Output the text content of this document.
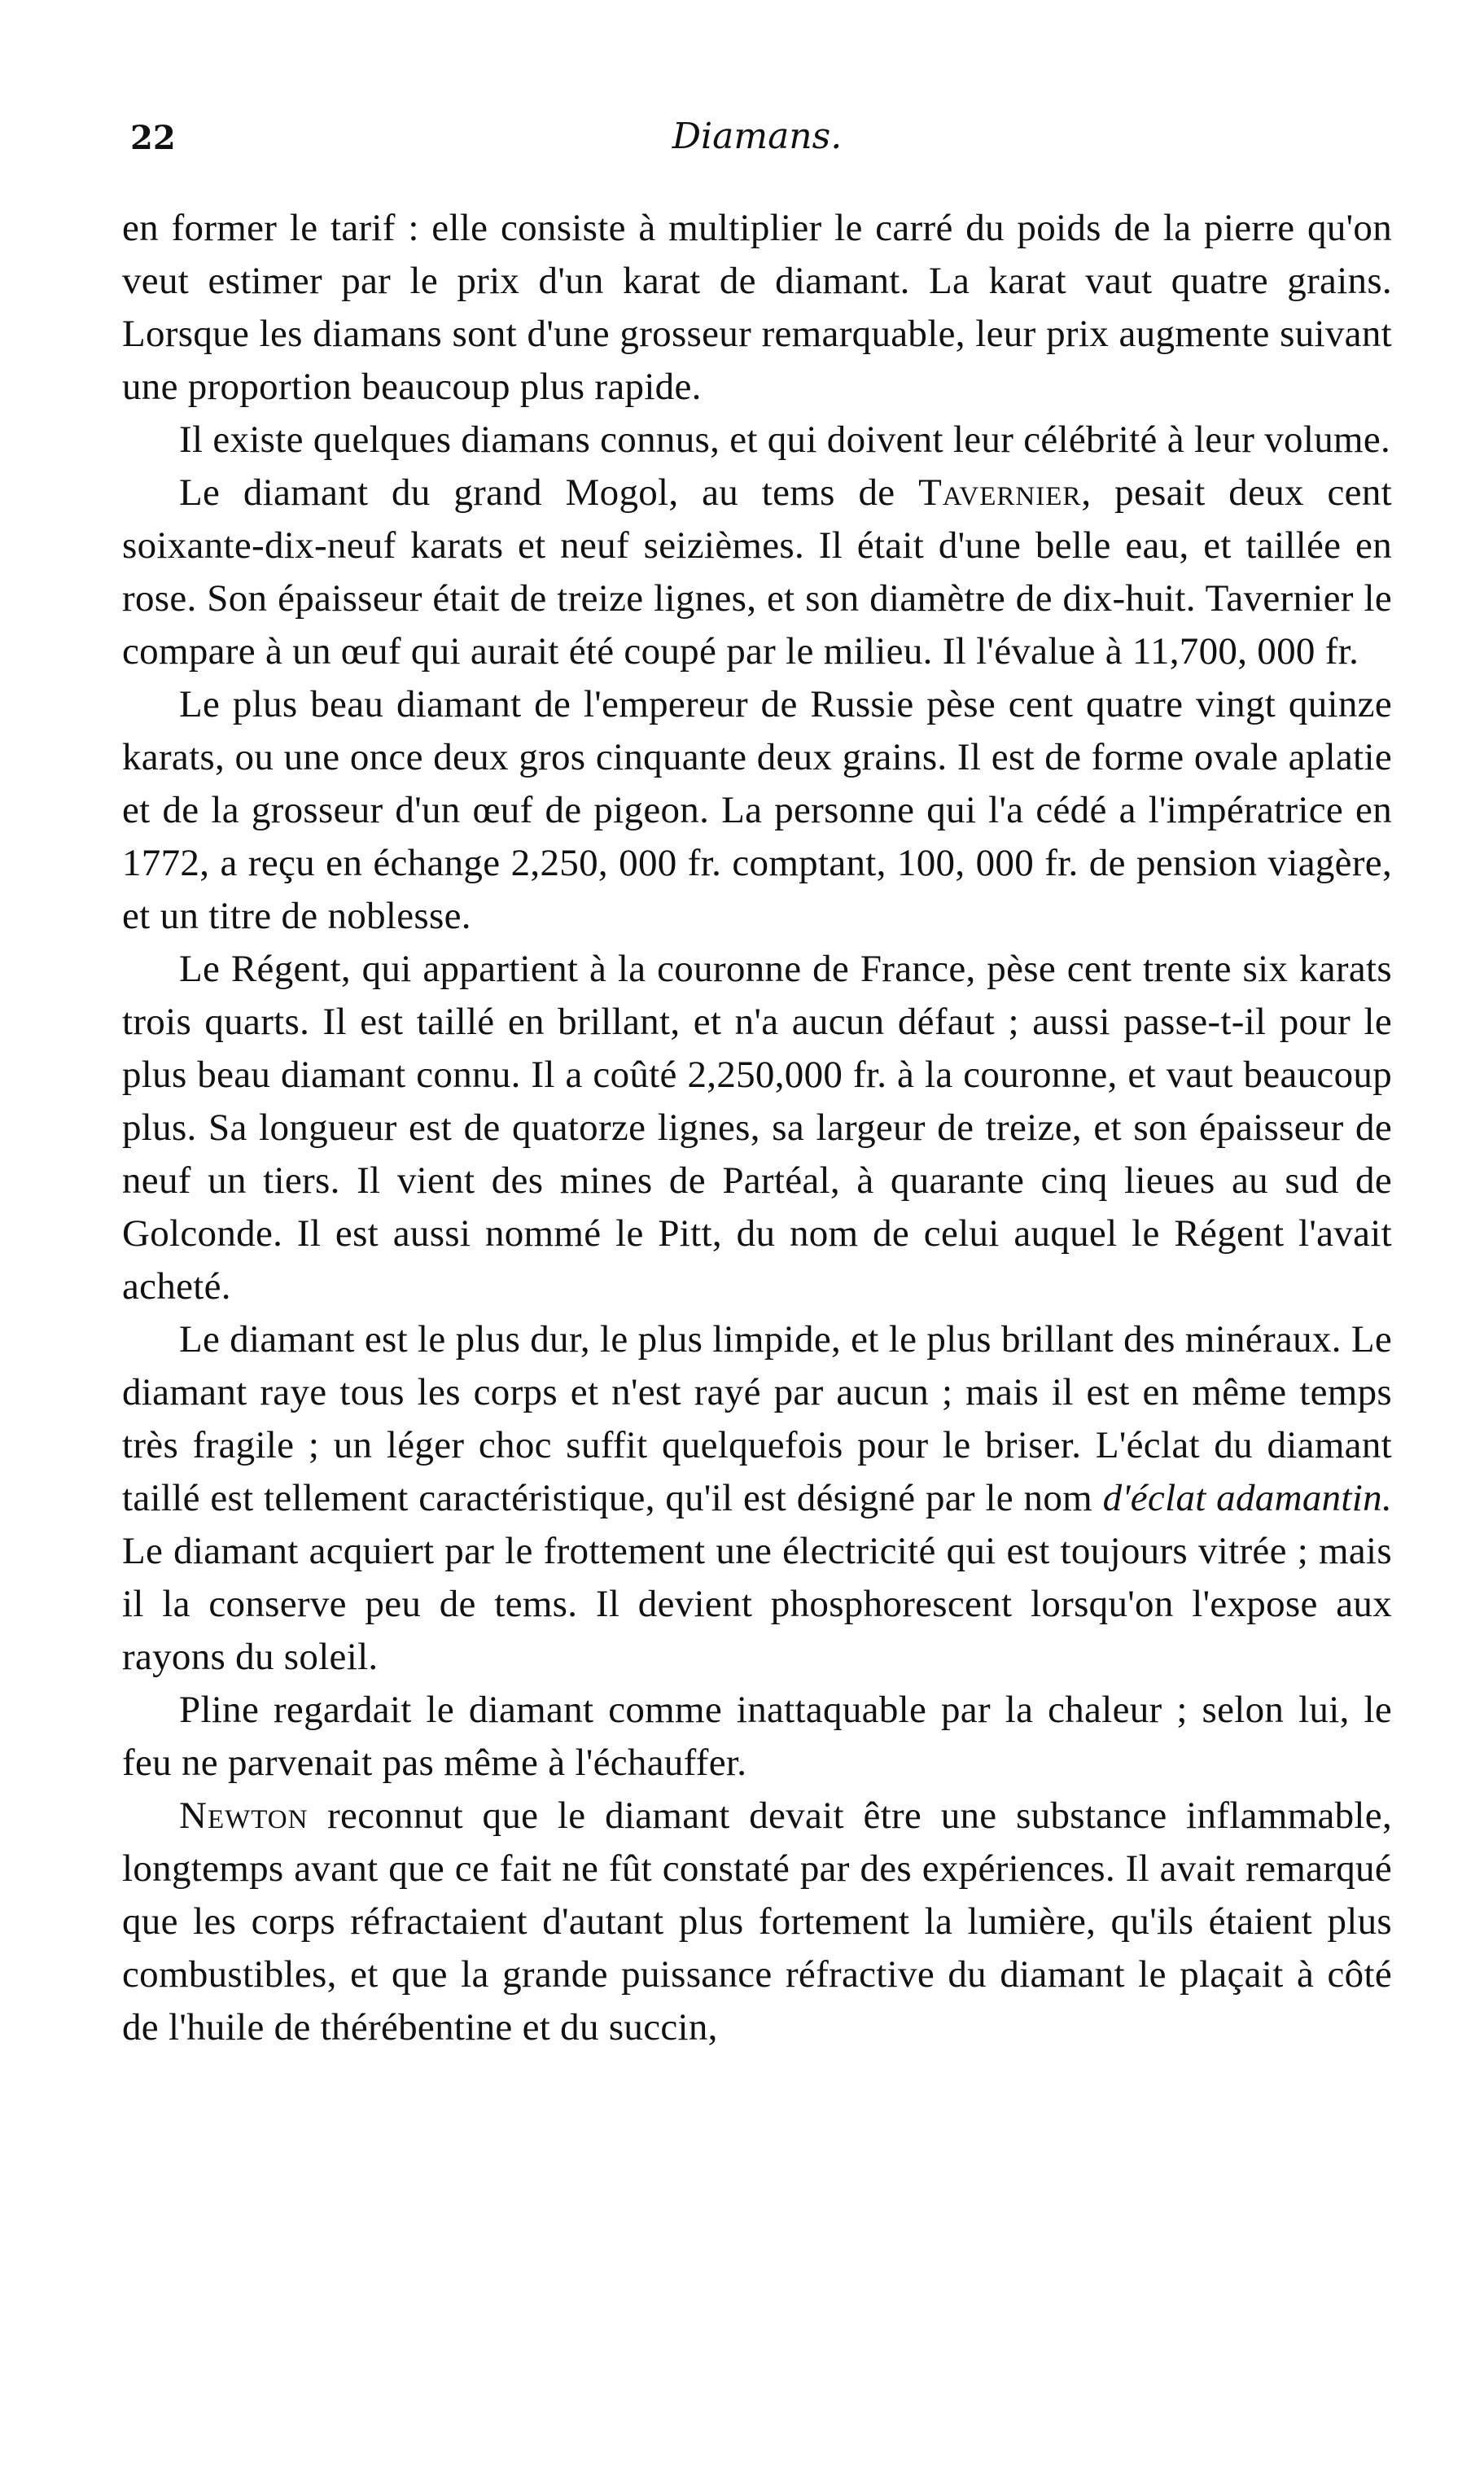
22	Diamans.

en former le tarif : elle consiste à multiplier le carré du poids de la pierre qu'on veut estimer par le prix d'un karat de diamant. La karat vaut quatre grains. Lorsque les diamans sont d'une grosseur remarquable, leur prix augmente suivant une proportion beaucoup plus rapide.

Il existe quelques diamans connus, et qui doivent leur célébrité à leur volume.

Le diamant du grand Mogol, au tems de Tavernier, pesait deux cent soixante-dix-neuf karats et neuf seizièmes. Il était d'une belle eau, et taillée en rose. Son épaisseur était de treize lignes, et son diamètre de dix-huit. Tavernier le compare à un œuf qui aurait été coupé par le milieu. Il l'évalue à 11,700, 000 fr.

Le plus beau diamant de l'empereur de Russie pèse cent quatre vingt quinze karats, ou une once deux gros cinquante deux grains. Il est de forme ovale aplatie et de la grosseur d'un œuf de pigeon. La personne qui l'a cédé a l'impératrice en 1772, a reçu en échange 2,250, 000 fr. comptant, 100, 000 fr. de pension viagère, et un titre de noblesse.

Le Régent, qui appartient à la couronne de France, pèse cent trente six karats trois quarts. Il est taillé en brillant, et n'a aucun défaut ; aussi passe-t-il pour le plus beau diamant connu. Il a coûté 2,250,000 fr. à la couronne, et vaut beaucoup plus. Sa longueur est de quatorze lignes, sa largeur de treize, et son épaisseur de neuf un tiers. Il vient des mines de Partéal, à quarante cinq lieues au sud de Golconde. Il est aussi nommé le Pitt, du nom de celui auquel le Régent l'avait acheté.

Le diamant est le plus dur, le plus limpide, et le plus brillant des minéraux. Le diamant raye tous les corps et n'est rayé par aucun ; mais il est en même temps très fragile ; un léger choc suffit quelquefois pour le briser. L'éclat du diamant taillé est tellement caractéristique, qu'il est désigné par le nom d'éclat adamantin. Le diamant acquiert par le frottement une électricité qui est toujours vitrée ; mais il la conserve peu de tems. Il devient phosphorescent lorsqu'on l'expose aux rayons du soleil.

Pline regardait le diamant comme inattaquable par la chaleur ; selon lui, le feu ne parvenait pas même à l'échauffer.

Newton reconnut que le diamant devait être une substance inflammable, longtemps avant que ce fait ne fût constaté par des expériences. Il avait remarqué que les corps réfractaient d'autant plus fortement la lumière, qu'ils étaient plus combustibles, et que la grande puissance réfractive du diamant le plaçait à côté de l'huile de thérébentine et du succin,
